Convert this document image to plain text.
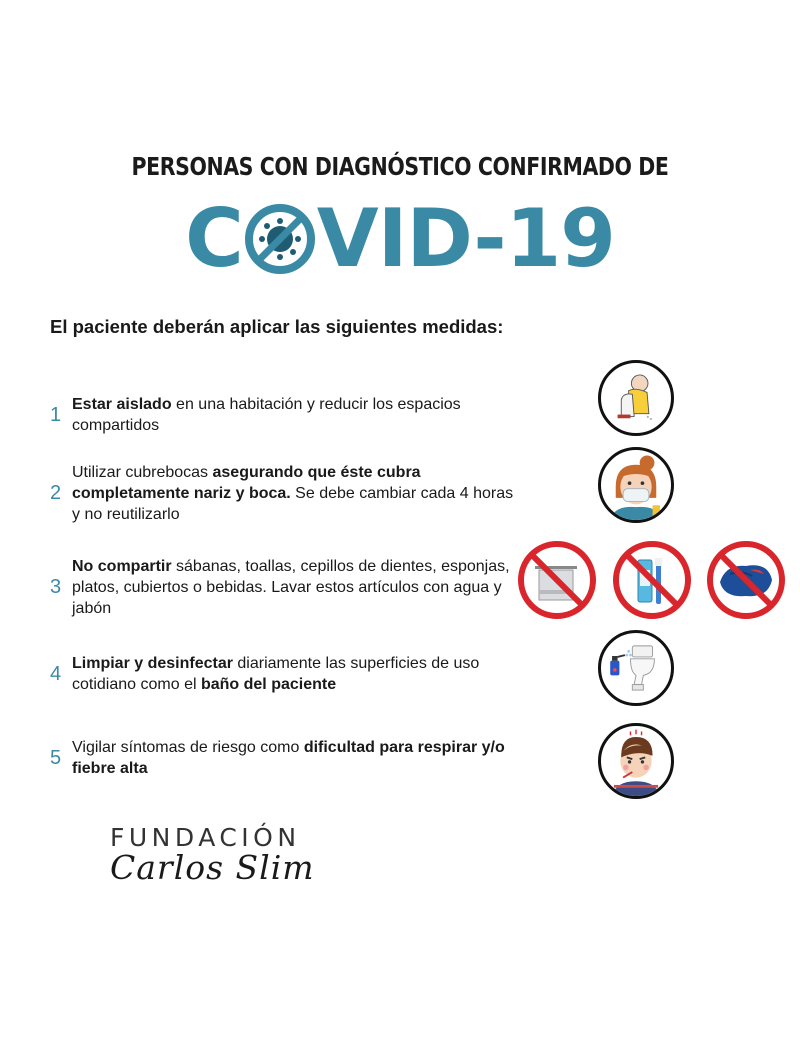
PERSONAS CON DIAGNÓSTICO CONFIRMADO DE
C VID-19
El paciente deberán aplicar las siguientes medidas:
1 Estar aislado en una habitación y reducir los espacios compartidos
2
Utilizar cubrebocas asegurando que éste cubra completamente nariz y boca. Se debe cambiar cada 4 horas y no reutilizarlo
3
No compartir sábanas, toallas, cepillos de dientes, esponjas, platos, cubiertos o bebidas. Lavar estos artículos con agua y jabón
4 Limpiar y desinfectar diariamente las superficies de uso cotidiano como el baño del paciente
5 Vigilar síntomas de riesgo como dificultad para respirar y/o fiebre alta
FUNDACIÓN
Carlos Slim
